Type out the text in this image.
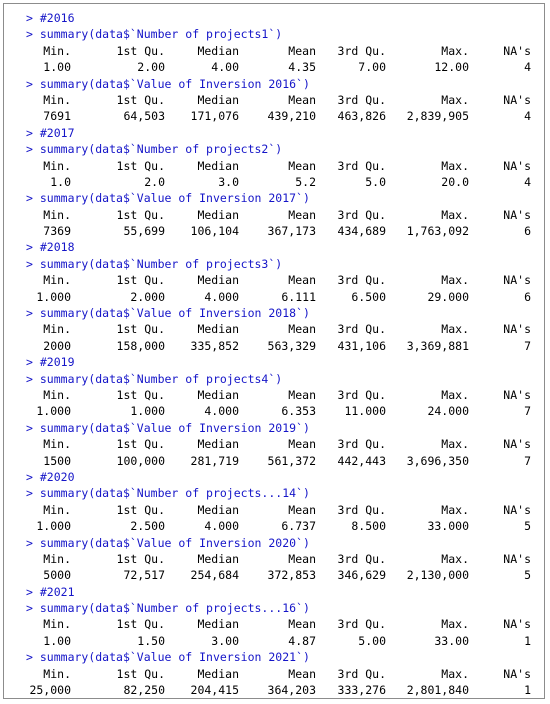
> #2016
> summary(data$`Number of projects1`)
Min.	1st Qu.	Median	Mean 3rd Qu.	Max.	NA's
1.00	2.00	4.00	4.35	7.00	12.00	4
> summary(data$`Value of Inversion 2016`)
Min.	1st Qu.	Median	Mean 3rd Qu.	Max.	NA's
7691	64,503 171,076 439,210 463,826 2,839,905	4
> #2017
> summary(data$`Number of projects2`)
Min.	1st Qu.	Median	Mean 3rd Qu.	Max.	NA's
1.0	2.0	3.0	5.2	5.0	20.0	4
> summary(data$`Value of Inversion 2017`)
Min.	1st Qu.	Median	Mean 3rd Qu.	Max.	NA's
7369	55,699 106,104 367,173 434,689 1,763,092	6
> #2018
> summary(data$`Number of projects3`)
Min.	1st Qu.	Median	Mean 3rd Qu.	Max.	NA's
1.000	2.000	4.000	6.111	6.500	29.000	6
> summary(data$`Value of Inversion 2018`)
Min.	1st Qu.	Median	Mean 3rd Qu.	Max.	NA's
2000	158,000 335,852 563,329 431,106 3,369,881	7
> #2019
> summary(data$`Number of projects4`)
Min.	1st Qu.	Median	Mean 3rd Qu.	Max.	NA's
1.000	1.000	4.000	6.353 11.000	24.000	7
> summary(data$`Value of Inversion 2019`)
Min.	1st Qu.	Median	Mean 3rd Qu.	Max.	NA's
1500	100,000 281,719 561,372 442,443 3,696,350	7
> #2020
> summary(data$`Number of projects...14`)
Min.	1st Qu.	Median	Mean 3rd Qu.	Max.	NA's
1.000	2.500	4.000	6.737	8.500	33.000	5
> summary(data$`Value of Inversion 2020`)
Min.	1st Qu.	Median	Mean 3rd Qu.	Max.	NA's
5000	72,517 254,684 372,853 346,629 2,130,000	5
> #2021
> summary(data$`Number of projects...16`)
Min.	1st Qu.	Median	Mean 3rd Qu.	Max.	NA's
1.00	1.50	3.00	4.87	5.00	33.00	1
> summary(data$`Value of Inversion 2021`)
Min.	1st Qu.	Median	Mean 3rd Qu.	Max.	NA's
25,000	82,250 204,415 364,203 333,276 2,801,840	1
